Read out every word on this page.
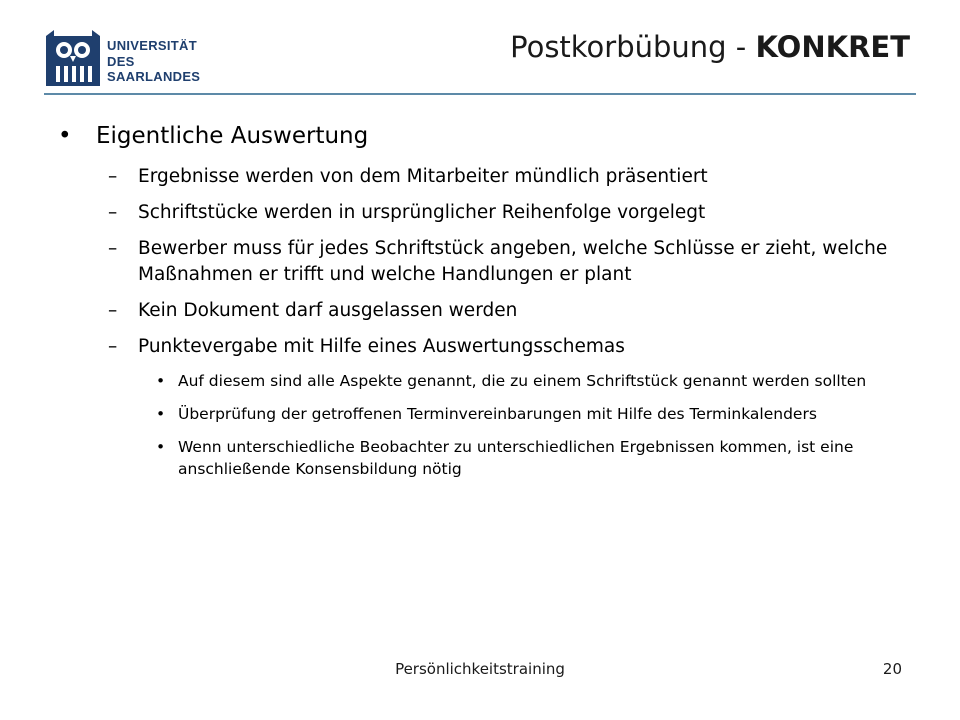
UNIVERSITÄT
DES
SAARLANDES
Postkorbübung - KONKRET
• Eigentliche Auswertung
– Ergebnisse werden von dem Mitarbeiter mündlich präsentiert
– Schriftstücke werden in ursprünglicher Reihenfolge vorgelegt
– Bewerber muss für jedes Schriftstück angeben, welche Schlüsse er zieht, welche Maßnahmen er trifft und welche Handlungen er plant
– Kein Dokument darf ausgelassen werden
– Punktevergabe mit Hilfe eines Auswertungsschemas
• Auf diesem sind alle Aspekte genannt, die zu einem Schriftstück genannt werden sollten
• Überprüfung der getroffenen Terminvereinbarungen mit Hilfe des Terminkalenders
• Wenn unterschiedliche Beobachter zu unterschiedlichen Ergebnissen kommen, ist eine anschließende Konsensbildung nötig
Persönlichkeitstraining	20
